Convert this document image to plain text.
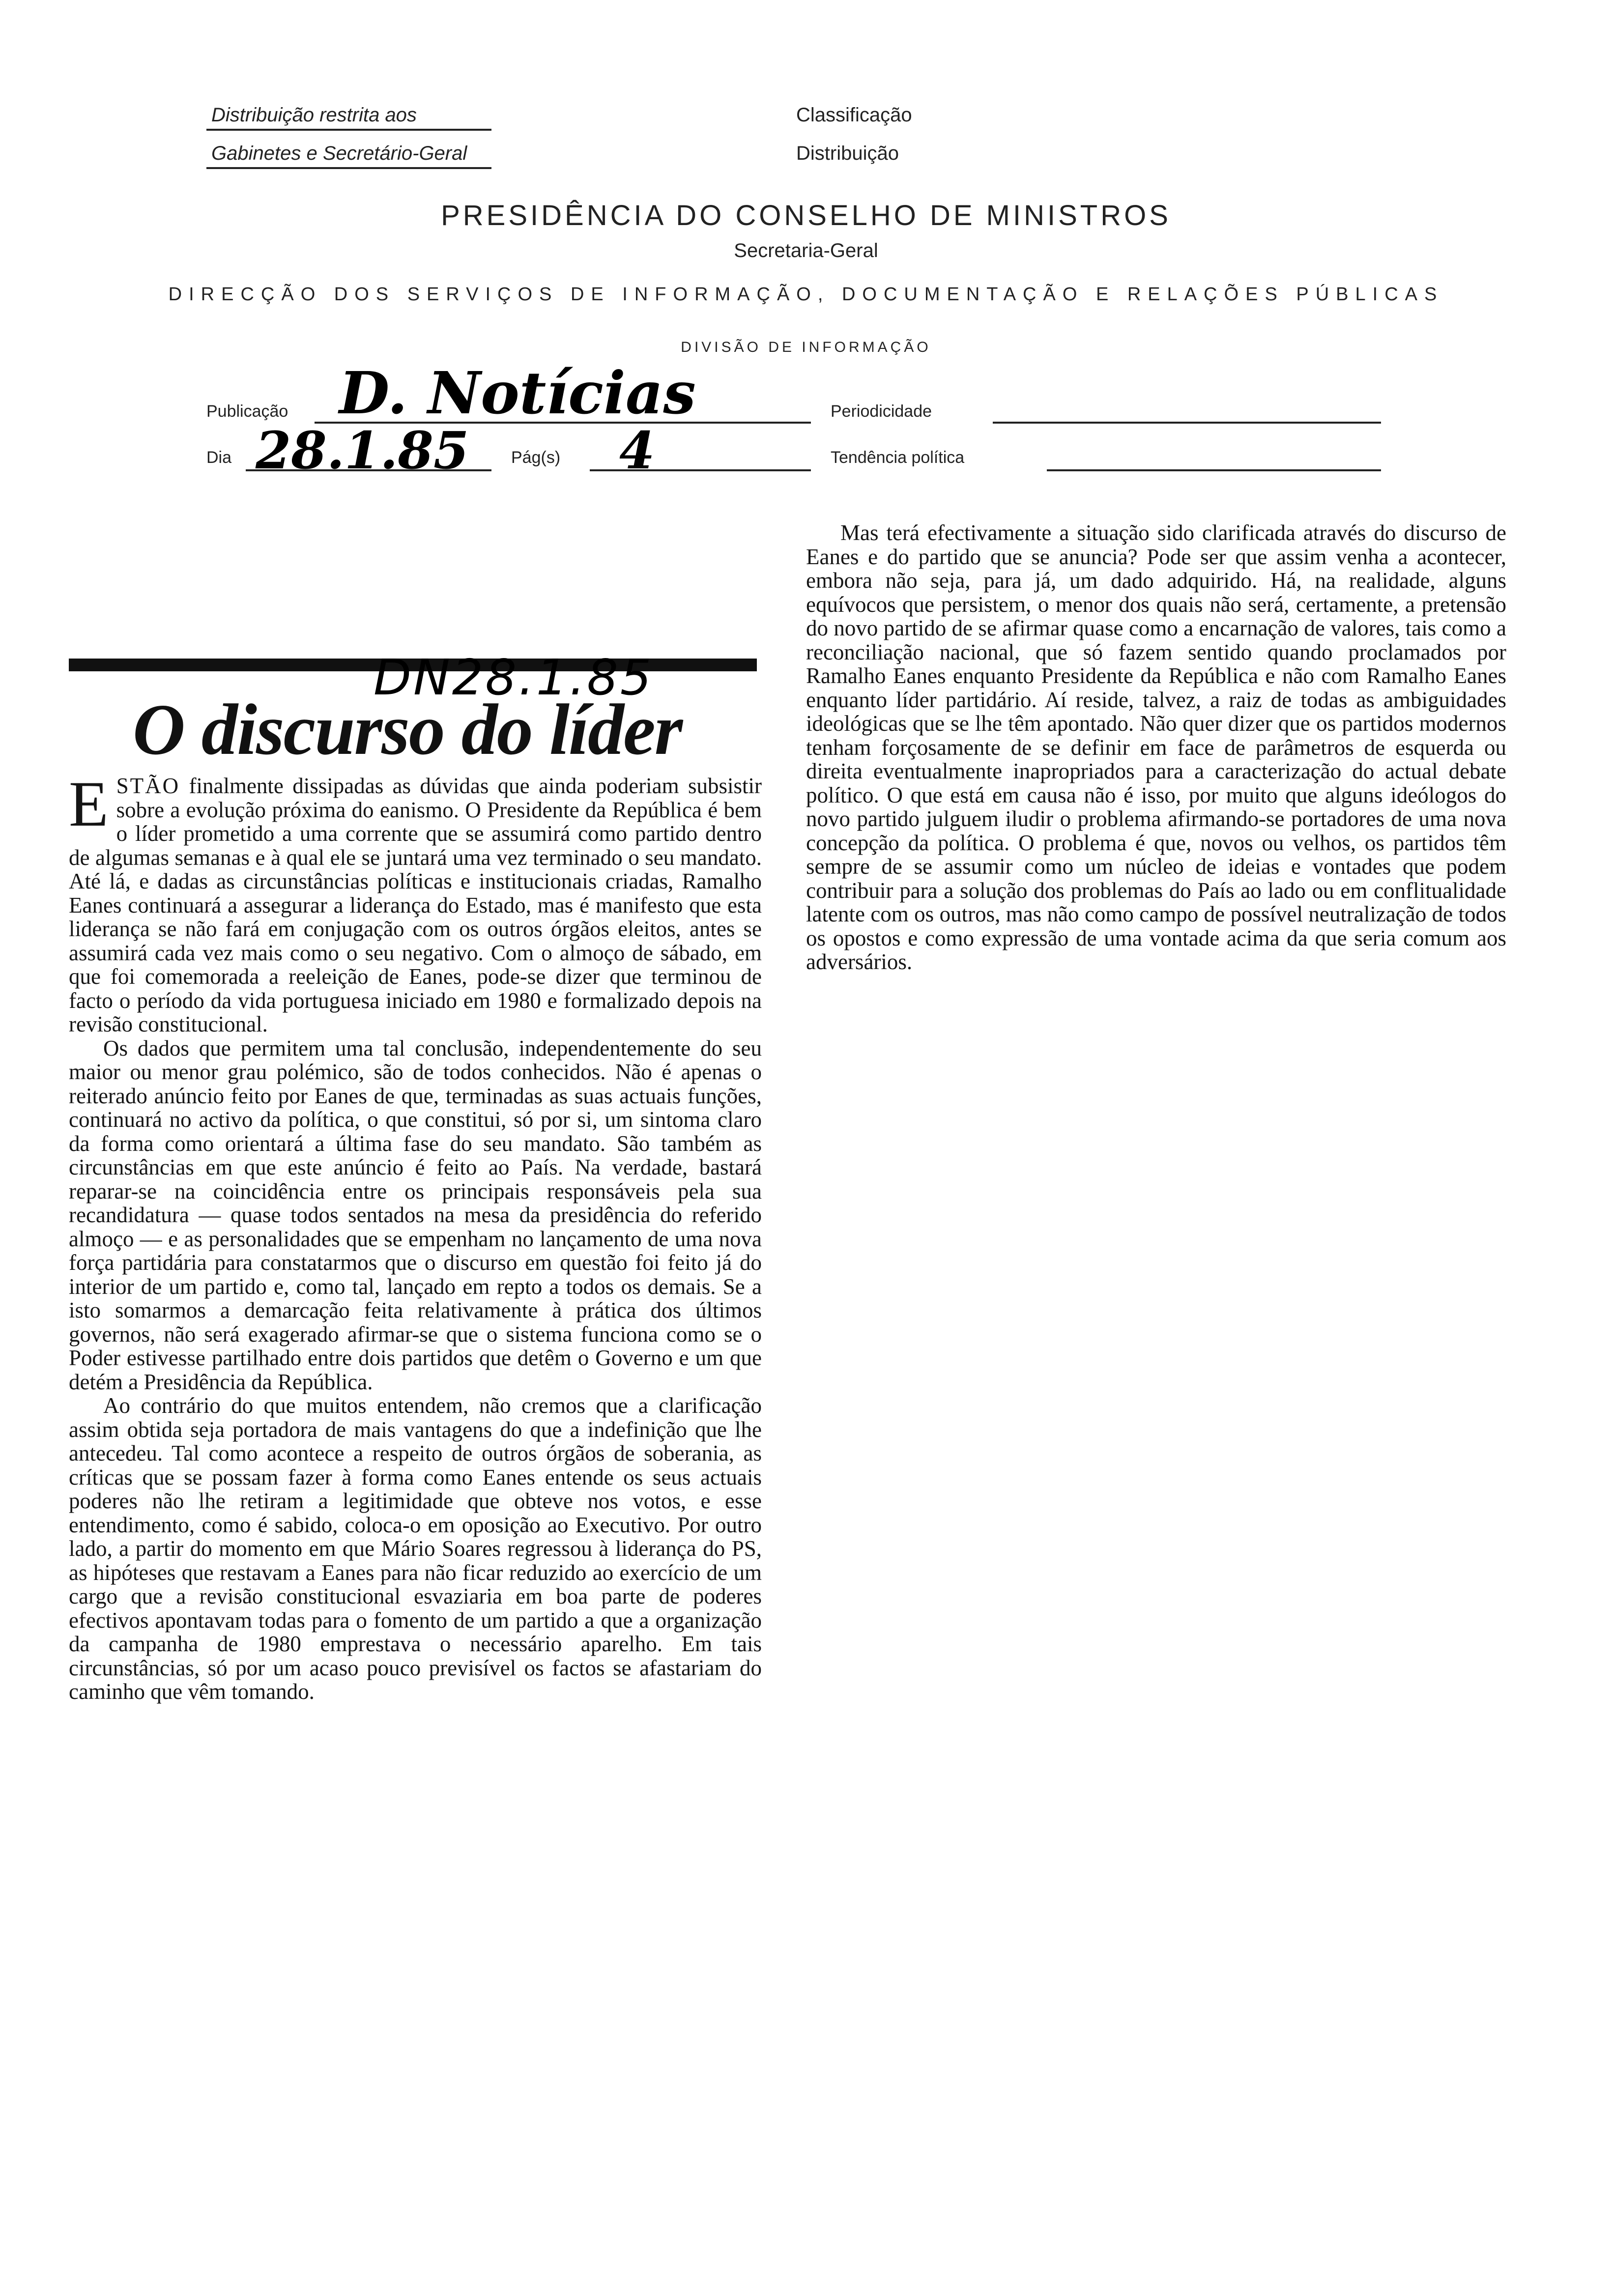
Distribuição restrita aos
Gabinetes e Secretário-Geral
Classificação
Distribuição
PRESIDÊNCIA DO CONSELHO DE MINISTROS
Secretaria-Geral
DIRECÇÃO DOS SERVIÇOS DE INFORMAÇÃO, DOCUMENTAÇÃO E RELAÇÕES PÚBLICAS
DIVISÃO DE INFORMAÇÃO
Publicação D. Notícias	Periodicidade
Dia 28.1.85	Pág(s) 4	Tendência política
DN28.1.85
O discurso do líder

ESTÃO finalmente dissipadas as dúvidas que ainda poderiam subsistir sobre a evolução próxima do eanismo. O Presidente da República é bem o líder prometido a uma corrente que se assumirá como partido dentro de algumas semanas e à qual ele se juntará uma vez terminado o seu mandato. Até lá, e dadas as circunstâncias políticas e institucionais criadas, Ramalho Eanes continuará a assegurar a liderança do Estado, mas é manifesto que esta liderança se não fará em conjugação com os outros órgãos eleitos, antes se assumirá cada vez mais como o seu negativo. Com o almoço de sábado, em que foi comemorada a reeleição de Eanes, pode-se dizer que terminou de facto o período da vida portuguesa iniciado em 1980 e formalizado depois na revisão constitucional.

Os dados que permitem uma tal conclusão, independentemente do seu maior ou menor grau polémico, são de todos conhecidos. Não é apenas o reiterado anúncio feito por Eanes de que, terminadas as suas actuais funções, continuará no activo da política, o que constitui, só por si, um sintoma claro da forma como orientará a última fase do seu mandato. São também as circunstâncias em que este anúncio é feito ao País. Na verdade, bastará reparar-se na coincidência entre os principais responsáveis pela sua recandidatura — quase todos sentados na mesa da presidência do referido almoço — e as personalidades que se empenham no lançamento de uma nova força partidária para constatarmos que o discurso em questão foi feito já do interior de um partido e, como tal, lançado em repto a todos os demais. Se a isto somarmos a demarcação feita relativamente à prática dos últimos governos, não será exagerado afirmar-se que o sistema funciona como se o Poder estivesse partilhado entre dois partidos que detêm o Governo e um que detém a Presidência da República.

Ao contrário do que muitos entendem, não cremos que a clarificação assim obtida seja portadora de mais vantagens do que a indefinição que lhe antecedeu. Tal como acontece a respeito de outros órgãos de soberania, as críticas que se possam fazer à forma como Eanes entende os seus actuais poderes não lhe retiram a legitimidade que obteve nos votos, e esse entendimento, como é sabido, coloca-o em oposição ao Executivo. Por outro lado, a partir do momento em que Mário Soares regressou à liderança do PS, as hipóteses que restavam a Eanes para não ficar reduzido ao exercício de um cargo que a revisão constitucional esvaziaria em boa parte de poderes efectivos apontavam todas para o fomento de um partido a que a organização da campanha de 1980 emprestava o necessário aparelho. Em tais circunstâncias, só por um acaso pouco previsível os factos se afastariam do caminho que vêm tomando.

Mas terá efectivamente a situação sido clarificada através do discurso de Eanes e do partido que se anuncia? Pode ser que assim venha a acontecer, embora não seja, para já, um dado adquirido. Há, na realidade, alguns equívocos que persistem, o menor dos quais não será, certamente, a pretensão do novo partido de se afirmar quase como a encarnação de valores, tais como a reconciliação nacional, que só fazem sentido quando proclamados por Ramalho Eanes enquanto Presidente da República e não com Ramalho Eanes enquanto líder partidário. Aí reside, talvez, a raiz de todas as ambiguidades ideológicas que se lhe têm apontado. Não quer dizer que os partidos modernos tenham forçosamente de se definir em face de parâmetros de esquerda ou direita eventualmente inapropriados para a caracterização do actual debate político. O que está em causa não é isso, por muito que alguns ideólogos do novo partido julguem iludir o problema afirmando-se portadores de uma nova concepção da política. O problema é que, novos ou velhos, os partidos têm sempre de se assumir como um núcleo de ideias e vontades que podem contribuir para a solução dos problemas do País ao lado ou em conflitualidade latente com os outros, mas não como campo de possível neutralização de todos os opostos e como expressão de uma vontade acima da que seria comum aos adversários.
